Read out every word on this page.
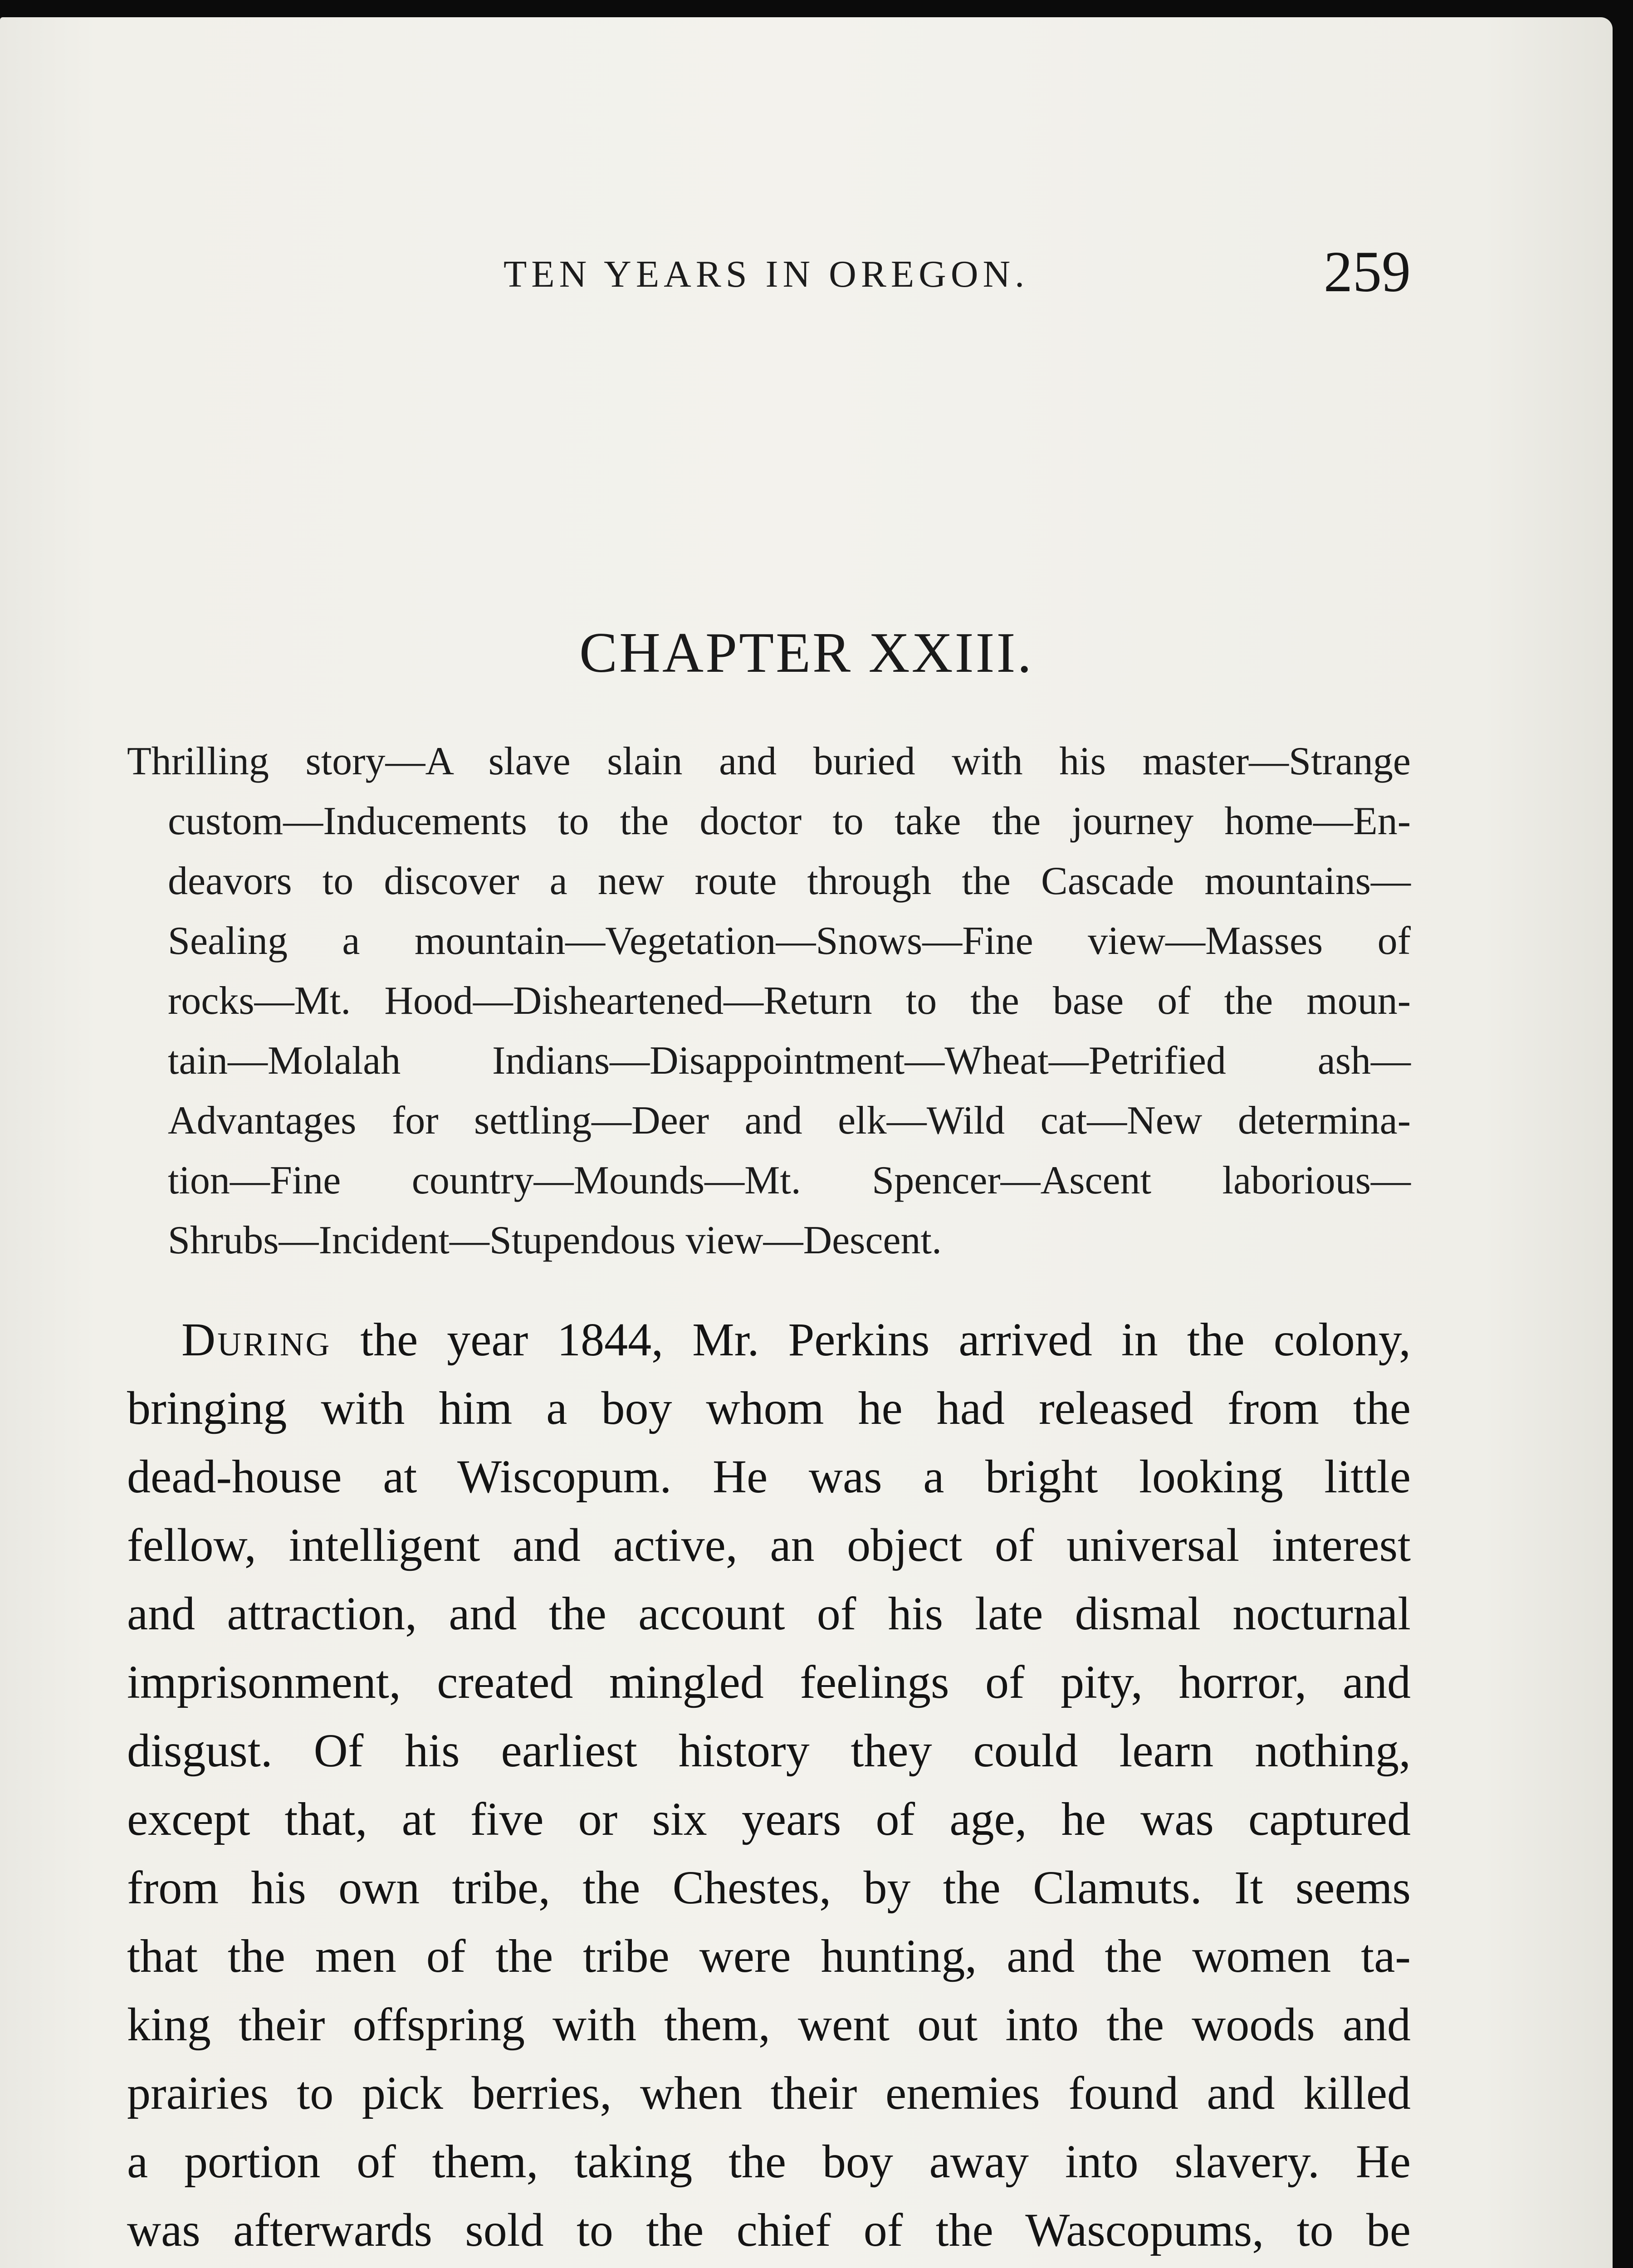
TEN YEARS IN OREGON.	259
CHAPTER XXIII.
Thrilling story—A slave slain and buried with his master—Strange
custom—Inducements to the doctor to take the journey home—En-
deavors to discover a new route through the Cascade mountains—
Sealing a mountain—Vegetation—Snows—Fine view—Masses of
rocks—Mt. Hood—Disheartened—Return to the base of the moun-
tain—Molalah Indians—Disappointment—Wheat—Petrified ash—
Advantages for settling—Deer and elk—Wild cat—New determina-
tion—Fine country—Mounds—Mt. Spencer—Ascent laborious—
Shrubs—Incident—Stupendous view—Descent.
During the year 1844, Mr. Perkins arrived in the colony,
bringing with him a boy whom he had released from the
dead-house at Wiscopum. He was a bright looking little
fellow, intelligent and active, an object of universal interest
and attraction, and the account of his late dismal nocturnal
imprisonment, created mingled feelings of pity, horror, and
disgust. Of his earliest history they could learn nothing,
except that, at five or six years of age, he was captured
from his own tribe, the Chestes, by the Clamuts. It seems
that the men of the tribe were hunting, and the women ta-
king their offspring with them, went out into the woods and
prairies to pick berries, when their enemies found and killed
a portion of them, taking the boy away into slavery. He
was afterwards sold to the chief of the Wascopums, to be
